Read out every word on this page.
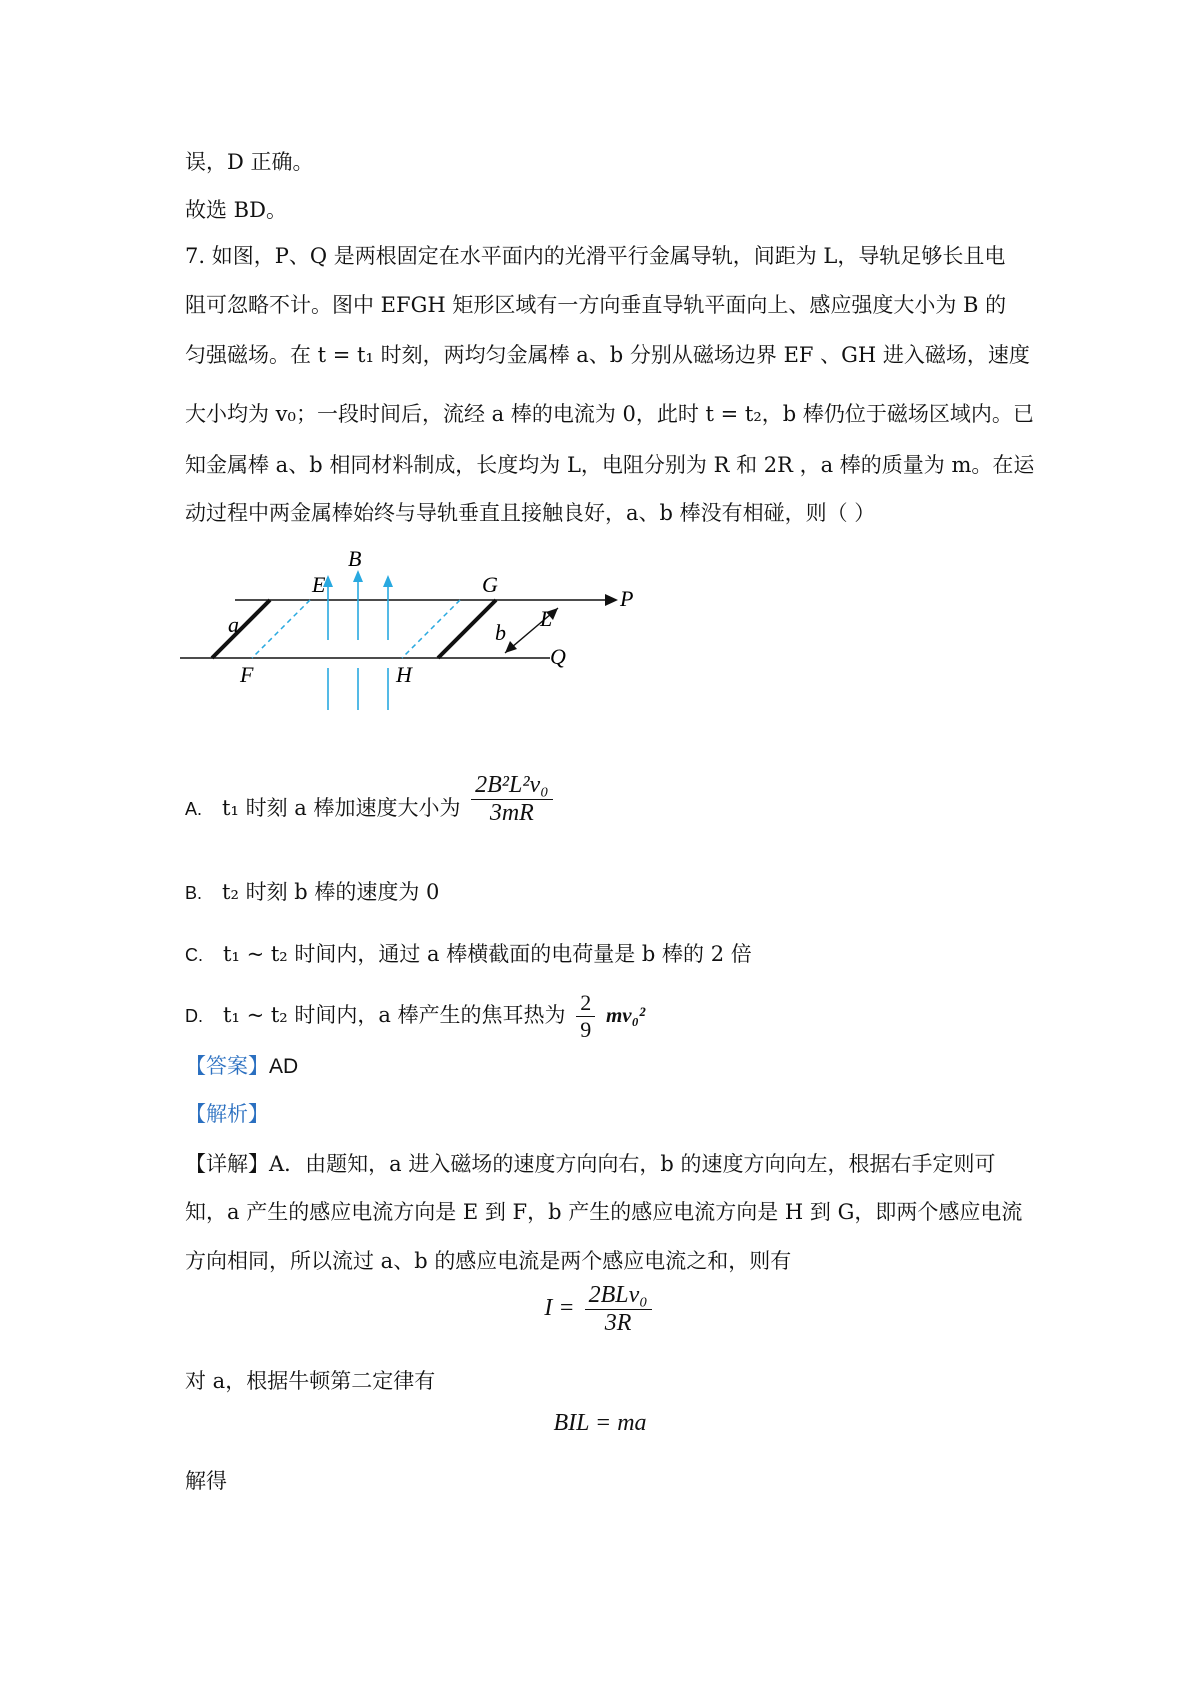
误，D 正确。
故选 BD。
7. 如图，P、Q 是两根固定在水平面内的光滑平行金属导轨，间距为 L，导轨足够长且电
阻可忽略不计。图中 EFGH 矩形区域有一方向垂直导轨平面向上、感应强度大小为 B 的
匀强磁场。在 t = t₁ 时刻，两均匀金属棒 a、b 分别从磁场边界 EF 、GH 进入磁场，速度
大小均为 v₀；一段时间后，流经 a 棒的电流为 0，此时 t = t₂，b 棒仍位于磁场区域内。已
知金属棒 a、b 相同材料制成，长度均为 L，电阻分别为 R 和 2R ，a 棒的质量为 m。在运
动过程中两金属棒始终与导轨垂直且接触良好，a、b 棒没有相碰，则（ ）
E
B
G
P
a	b
L
Q
F	H
A. t₁ 时刻 a 棒加速度大小为 $\frac{\text{2B²L²v₀}}{3mR}$
B. t₂ 时刻 b 棒的速度为 0
C. t₁ ~ t₂ 时间内，通过 a 棒横截面的电荷量是 b 棒的 2 倍
D. t₁ ~ t₂ 时间内，a 棒产生的焦耳热为 $\frac{2}{9} mv_0^2$
【答案】AD
【解析】
【详解】A．由题知，a 进入磁场的速度方向向右，b 的速度方向向左，根据右手定则可
知，a 产生的感应电流方向是 E 到 F，b 产生的感应电流方向是 H 到 G，即两个感应电流
方向相同，所以流过 a、b 的感应电流是两个感应电流之和，则有
$I = \frac{\text{2BLv₀}}{3R}$
对 a，根据牛顿第二定律有
BIL = ma
解得
